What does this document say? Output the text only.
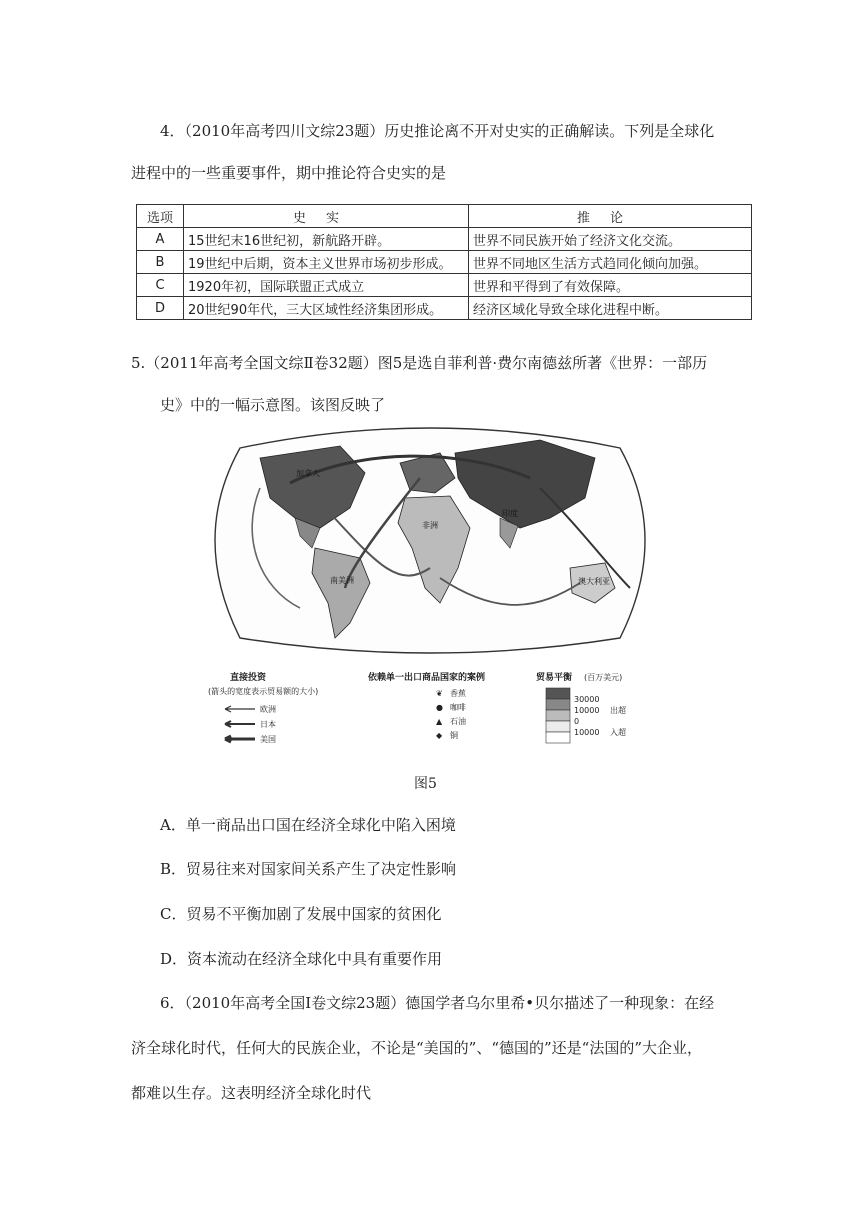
4．（2010年高考四川文综23题）历史推论离不开对史实的正确解读。下列是全球化
进程中的一些重要事件，期中推论符合史实的是
选项	史实	推论
A	15世纪末16世纪初，新航路开辟。	世界不同民族开始了经济文化交流。
B	19世纪中后期，资本主义世界市场初步形成。	世界不同地区生活方式趋同化倾向加强。
C	1920年初，国际联盟正式成立	世界和平得到了有效保障。
D	20世纪90年代，三大区域性经济集团形成。	经济区域化导致全球化进程中断。
5.（2011年高考全国文综Ⅱ卷32题）图5是选自菲利普·费尔南德兹所著《世界：一部历
史》中的一幅示意图。该图反映了
加拿大
南美洲
非洲
澳大利亚
印度
直接投资
(箭头的宽度表示贸易额的大小)
欧洲
日本
美国
依赖单一出口商品国家的案例
❦ 香蕉
● 咖啡
▲ 石油
◆ 铜
贸易平衡 (百万美元)
30000
10000 出超
0
10000 入超
图5
A．单一商品出口国在经济全球化中陷入困境
B．贸易往来对国家间关系产生了决定性影响
C．贸易不平衡加剧了发展中国家的贫困化
D．资本流动在经济全球化中具有重要作用
6．（2010年高考全国Ⅰ卷文综23题）德国学者乌尔里希•贝尔描述了一种现象：在经
济全球化时代，任何大的民族企业，不论是“美国的”、“德国的”还是“法国的”大企业，
都难以生存。这表明经济全球化时代
